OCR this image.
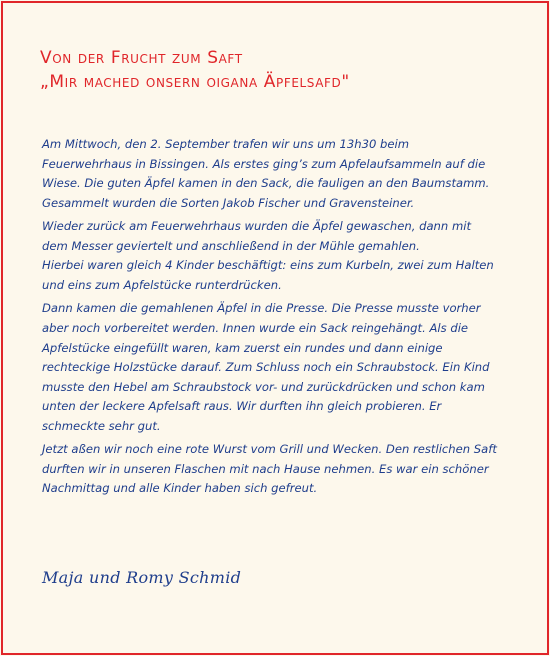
Von der Frucht zum Saft
„Mir mached onsern oigana Äpfelsafd"

Am Mittwoch, den 2. September trafen wir uns um 13h30 beim
Feuerwehrhaus in Bissingen. Als erstes ging’s zum Apfelaufsammeln auf die
Wiese. Die guten Äpfel kamen in den Sack, die fauligen an den Baumstamm.
Gesammelt wurden die Sorten Jakob Fischer und Gravensteiner.

Wieder zurück am Feuerwehrhaus wurden die Äpfel gewaschen, dann mit
dem Messer geviertelt und anschließend in der Mühle gemahlen.
Hierbei waren gleich 4 Kinder beschäftigt: eins zum Kurbeln, zwei zum Halten
und eins zum Apfelstücke runterdrücken.

Dann kamen die gemahlenen Äpfel in die Presse. Die Presse musste vorher
aber noch vorbereitet werden. Innen wurde ein Sack reingehängt. Als die
Apfelstücke eingefüllt waren, kam zuerst ein rundes und dann einige
rechteckige Holzstücke darauf. Zum Schluss noch ein Schraubstock. Ein Kind
musste den Hebel am Schraubstock vor- und zurückdrücken und schon kam
unten der leckere Apfelsaft raus. Wir durften ihn gleich probieren. Er
schmeckte sehr gut.

Jetzt aßen wir noch eine rote Wurst vom Grill und Wecken. Den restlichen Saft
durften wir in unseren Flaschen mit nach Hause nehmen. Es war ein schöner
Nachmittag und alle Kinder haben sich gefreut.

Maja und Romy Schmid
